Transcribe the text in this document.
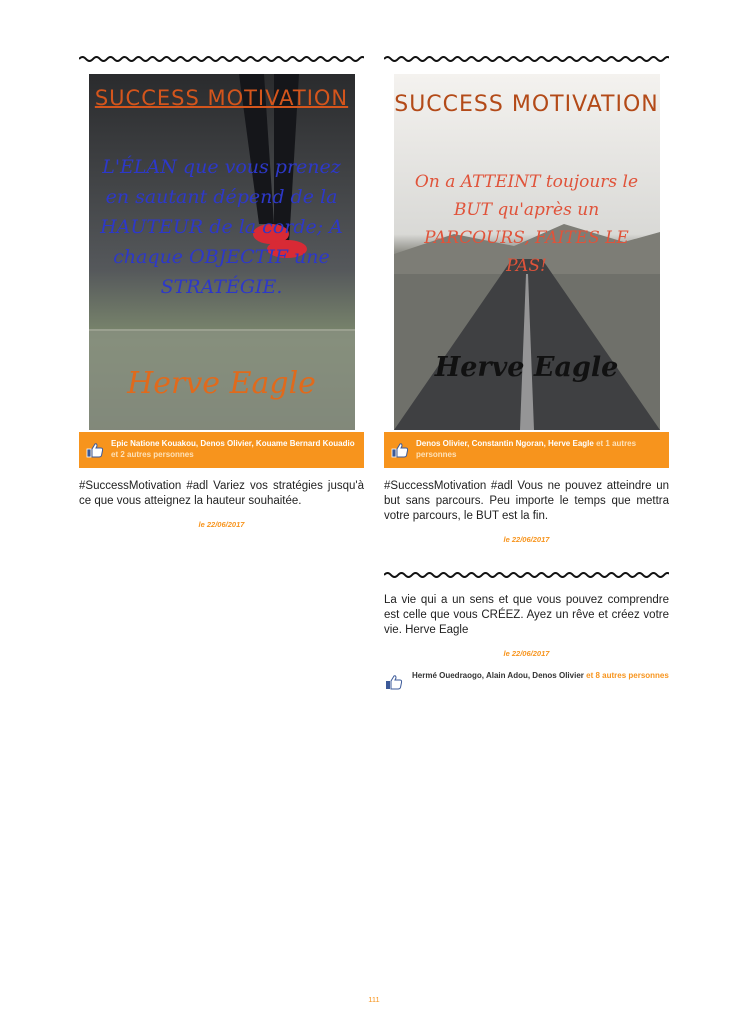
SUCCESS MOTIVATION
L'ÉLAN que vous prenez en sautant dépend de la HAUTEUR de la corde; A chaque OBJECTIF une STRATÉGIE.
Herve Eagle
Epic Natione Kouakou, Denos Olivier, Kouame Bernard Kouadio et 2 autres personnes
#SuccessMotivation #adl Variez vos stratégies jusqu'à ce que vous atteignez la hauteur souhaitée.
le 22/06/2017
SUCCESS MOTIVATION
On a ATTEINT toujours le BUT qu'après un PARCOURS, FAITES LE PAS!
Herve Eagle
Denos Olivier, Constantin Ngoran, Herve Eagle et 1 autres personnes
#SuccessMotivation #adl Vous ne pouvez atteindre un but sans parcours. Peu importe le temps que mettra votre parcours, le BUT est la fin.
le 22/06/2017
La vie qui a un sens et que vous pouvez comprendre est celle que vous CRÉEZ. Ayez un rêve et créez votre vie. Herve Eagle
le 22/06/2017
Hermé Ouedraogo, Alain Adou, Denos Olivier et 8 autres personnes
111
